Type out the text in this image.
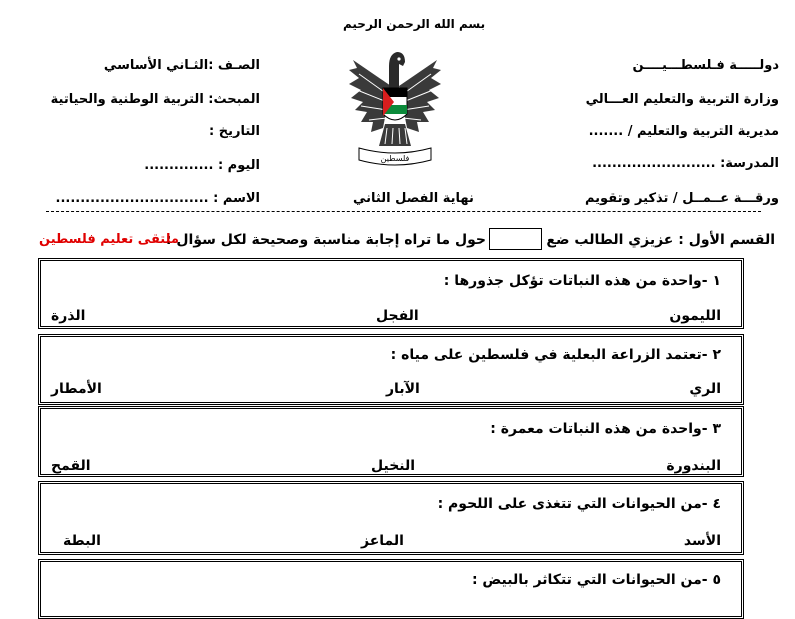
بسم الله الرحمن الرحيم
دولـــــة فـلسطـــيــــن
وزارة التربية والتعليم العـــالي
مديرية التربية والتعليم / .......
المدرسة: .........................
ورقـــة عــمــل / تذكير وتقويم
الصـف :الثـاني الأساسي
المبحث: التربية الوطنية والحياتية
التاريخ :
اليوم : ..............
الاسم : ...............................	نهاية الفصل الثاني
فلسطين
القسم الأول : عزيزي الطالب ضع
حول ما تراه إجابة مناسبة وصحيحة لكل سؤال :
ملتقى تعليم فلسطين
١ -واحدة من هذه النباتات تؤكل جذورها :
الليمون
الفجل
الذرة
٢ -تعتمد الزراعة البعلية في فلسطين على مياه :
الري
الآبار
الأمطار
٣ -واحدة من هذه النباتات معمرة :
البندورة
النخيل
القمح
٤ -من الحيوانات التي تتغذى على اللحوم :
الأسد
الماعز
البطة
٥ -من الحيوانات التي تتكاثر بالبيض :
